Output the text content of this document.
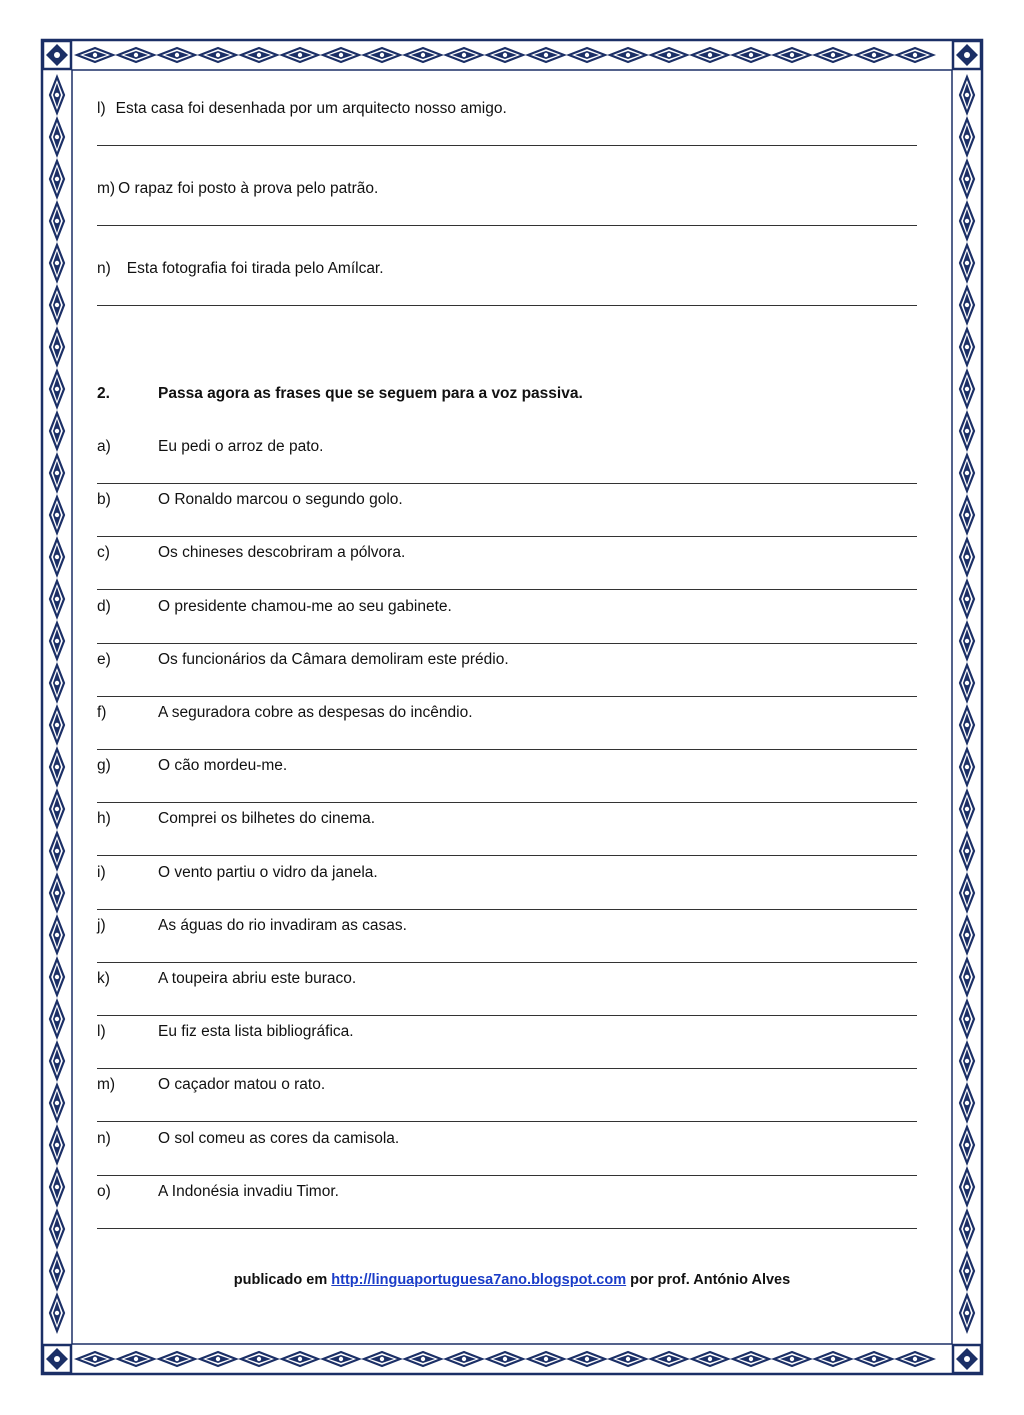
l) Esta casa foi desenhada por um arquitecto nosso amigo.
m) O rapaz foi posto à prova pelo patrão.
n) Esta fotografia foi tirada pelo Amílcar.
2.	Passa agora as frases que se seguem para a voz passiva.
a)	Eu pedi o arroz de pato.
b)	O Ronaldo marcou o segundo golo.
c)	Os chineses descobriram a pólvora.
d)	O presidente chamou-me ao seu gabinete.
e)	Os funcionários da Câmara demoliram este prédio.
f)	A seguradora cobre as despesas do incêndio.
g)	O cão mordeu-me.
h)	Comprei os bilhetes do cinema.
i)	O vento partiu o vidro da janela.
j)	As águas do rio invadiram as casas.
k)	A toupeira abriu este buraco.
l)	Eu fiz esta lista bibliográfica.
m)	O caçador matou o rato.
n)	O sol comeu as cores da camisola.
o)	A Indonésia invadiu Timor.
publicado em http://linguaportuguesa7ano.blogspot.com por prof. António Alves
